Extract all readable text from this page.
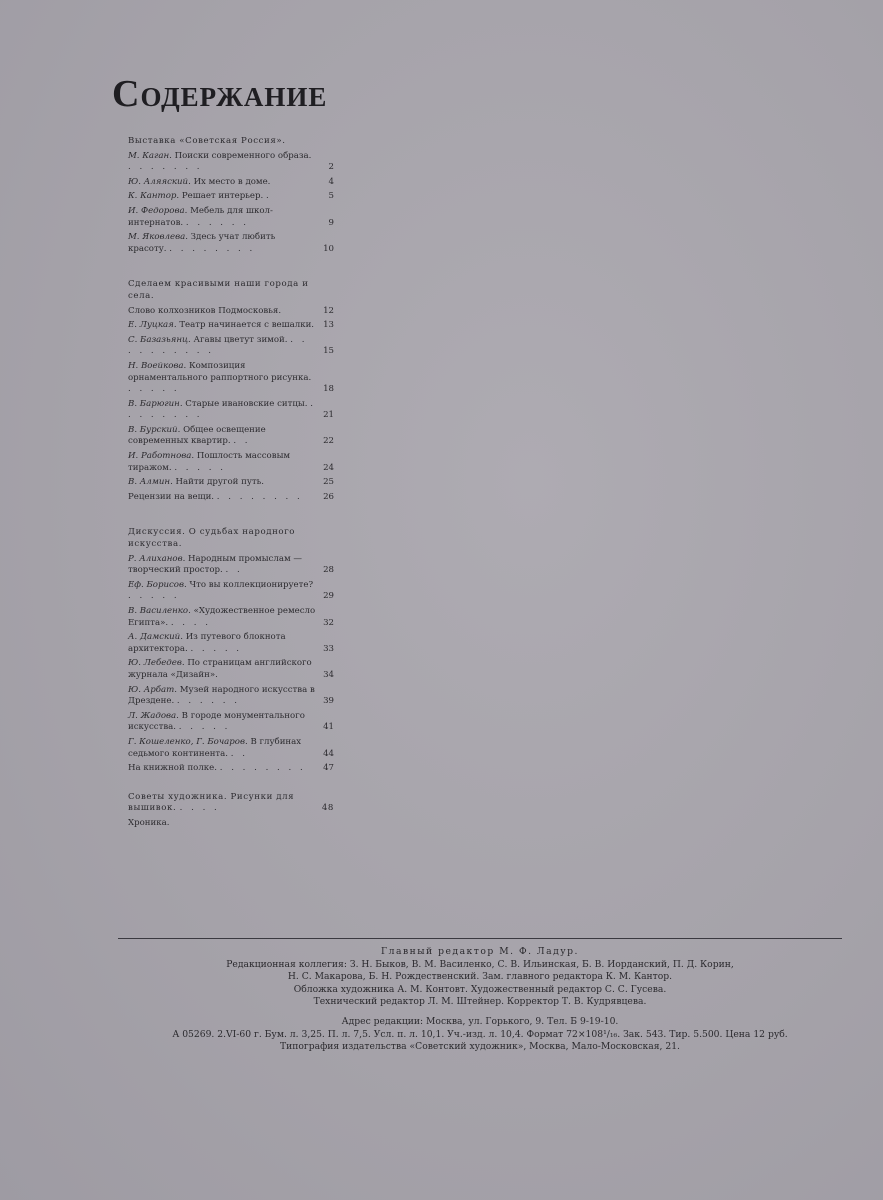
Содержание
Выставка «Советская Россия».
М. Каган. Поиски современного образа. . . . . . . .	2
Ю. Аляяский. Их место в доме.	4
К. Кантор. Решает интерьер. .	5
И. Федорова. Мебель для школ-интернатов. . . . . . .	9
М. Яковлева. Здесь учат любить красоту. . . . . . . . .	10
Сделаем красивыми наши города и села.
Слово колхозников Подмосковья.	12
Е. Луцкая. Театр начинается с вешалки. 13
С. Базазьянц. Агавы цветут зимой. . . . . . . . . . .	15
Н. Воейкова. Композиция орнаментального раппортного рисунка. . . . . .	18
В. Барюгин. Старые ивановские ситцы. . . . . . . . .	21
В. Бурский. Общее освещение современных квартир. . .	22
И. Работнова. Пошлость массовым тиражом. . . . . .	24
В. Алмин. Найти другой путь.	25
Рецензии на вещи. . . . . . . . . 26
Дискуссия. О судьбах народного искусства.
Р. Алиханов. Народным промыслам — творческий простор. . .	28
Еф. Борисов. Что вы коллекционируете? . . . . .	29
В. Василенко. «Художественное ремесло Египта». . . . .	32
А. Дамский. Из путевого блокнота архитектора. . . . . .	33
Ю. Лебедев. По страницам английского журнала «Дизайн».	34
Ю. Арбат. Музей народного искусства в Дрездене. . . . . . .	39
Л. Жадова. В городе монументального искусства. . . . . .	41
Г. Кошеленко, Г. Бочаров. В глубинах седьмого континента. . .	44
На книжной полке. . . . . . . . . 47
Советы художника. Рисунки для вышивок. . . . .	48
Хроника.
Главный редактор М. Ф. Ладур.
Редакционная коллегия: З. Н. Быков, В. М. Василенко, С. В. Ильинская, Б. В. Иорданский, П. Д. Корин,
Н. С. Макарова, Б. Н. Рождественский. Зам. главного редактора К. М. Кантор.
Обложка художника А. М. Контовт. Художественный редактор С. С. Гусева.
Технический редактор Л. М. Штейнер. Корректор Т. В. Кудрявцева.
Адрес редакции: Москва, ул. Горького, 9. Тел. Б 9-19-10.
А 05269. 2.VI-60 г. Бум. л. 3,25. П. л. 7,5. Усл. п. л. 10,1. Уч.-изд. л. 10,4. Формат 72×108¹/₁₆. Зак. 543. Тир. 5.500. Цена 12 руб.
Типография издательства «Советский художник», Москва, Мало-Московская, 21.
